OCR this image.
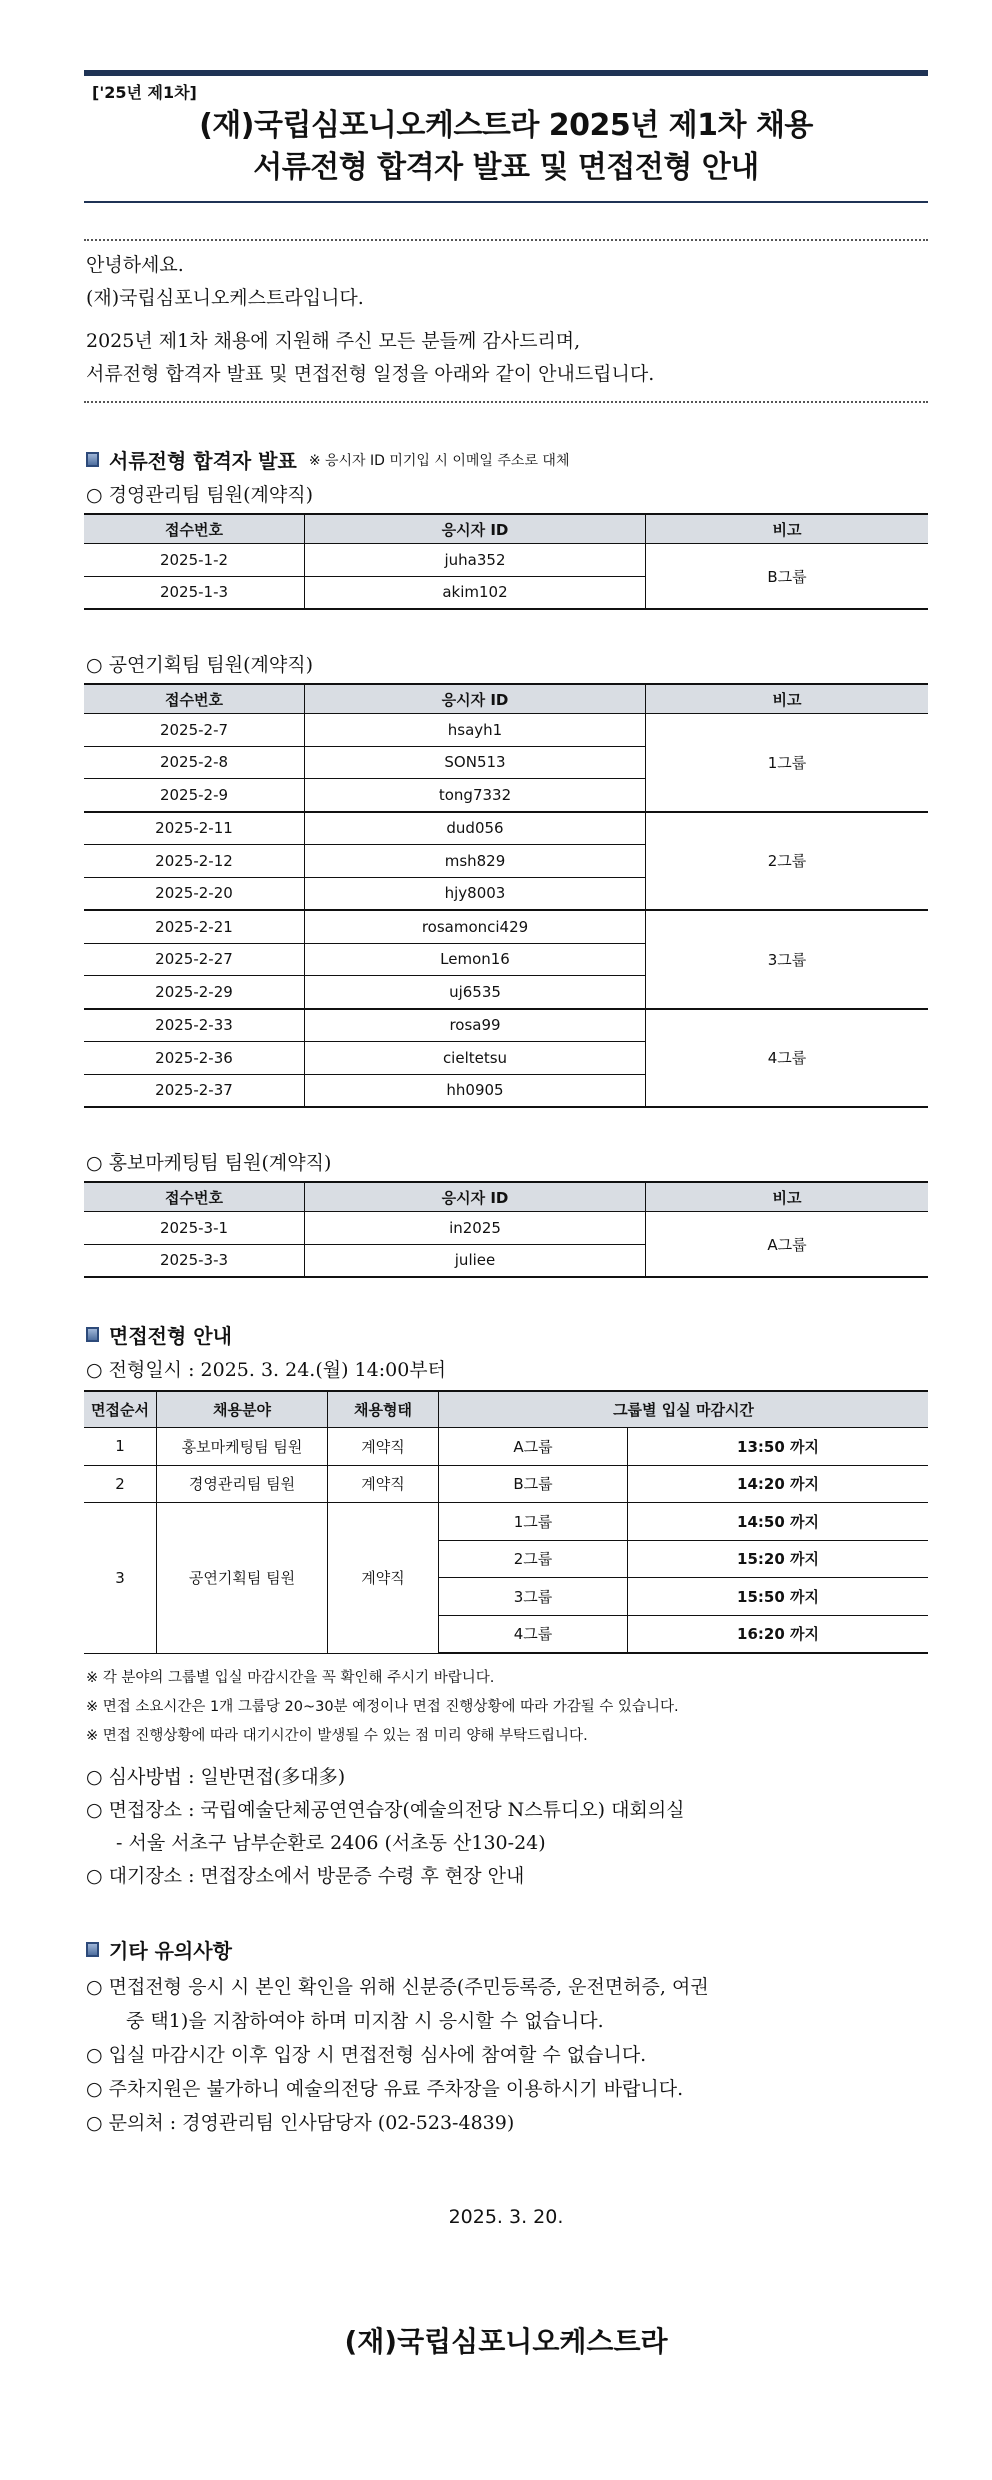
['25년 제1차]
(재)국립심포니오케스트라 2025년 제1차 채용
서류전형 합격자 발표 및 면접전형 안내

안녕하세요.

(재)국립심포니오케스트라입니다.

2025년 제1차 채용에 지원해 주신 모든 분들께 감사드리며,

서류전형 합격자 발표 및 면접전형 일정을 아래와 같이 안내드립니다.

서류전형 합격자 발표 ※ 응시자 ID 미기입 시 이메일 주소로 대체
○ 경영관리팀 팀원(계약직)
접수번호	응시자 ID	비고
2025-1-2	juha352	B그룹
2025-1-3	akim102	
○ 공연기획팀 팀원(계약직)
접수번호	응시자 ID	비고
2025-2-7	hsayh1	1그룹
2025-2-8	SON513	
2025-2-9	tong7332	
2025-2-11	dud056	2그룹
2025-2-12	msh829	
2025-2-20	hjy8003	
2025-2-21	rosamonci429	3그룹
2025-2-27	Lemon16	
2025-2-29	uj6535	
2025-2-33	rosa99	4그룹
2025-2-36	cieltetsu	
2025-2-37	hh0905	
○ 홍보마케팅팀 팀원(계약직)
접수번호	응시자 ID	비고
2025-3-1	in2025	A그룹
2025-3-3	juliee	
면접전형 안내
○ 전형일시 : 2025. 3. 24.(월) 14:00부터
면접순서	채용분야	채용형태	그룹별 입실 마감시간	
1	홍보마케팅팀 팀원	계약직	A그룹	13:50 까지
2	경영관리팀 팀원	계약직	B그룹	14:20 까지
3	공연기획팀 팀원	계약직	1그룹	14:50 까지
			2그룹	15:20 까지
			3그룹	15:50 까지
			4그룹	16:20 까지

※ 각 분야의 그룹별 입실 마감시간을 꼭 확인해 주시기 바랍니다.

※ 면접 소요시간은 1개 그룹당 20~30분 예정이나 면접 진행상황에 따라 가감될 수 있습니다.

※ 면접 진행상황에 따라 대기시간이 발생될 수 있는 점 미리 양해 부탁드립니다.

○ 심사방법 : 일반면접(多대多)

○ 면접장소 : 국립예술단체공연연습장(예술의전당 N스튜디오) 대회의실

- 서울 서초구 남부순환로 2406 (서초동 산130-24)

○ 대기장소 : 면접장소에서 방문증 수령 후 현장 안내

기타 유의사항

○ 면접전형 응시 시 본인 확인을 위해 신분증(주민등록증, 운전면허증, 여권

중 택1)을 지참하여야 하며 미지참 시 응시할 수 없습니다.

○ 입실 마감시간 이후 입장 시 면접전형 심사에 참여할 수 없습니다.

○ 주차지원은 불가하니 예술의전당 유료 주차장을 이용하시기 바랍니다.

○ 문의처 : 경영관리팀 인사담당자 (02-523-4839)

2025. 3. 20.
(재)국립심포니오케스트라
